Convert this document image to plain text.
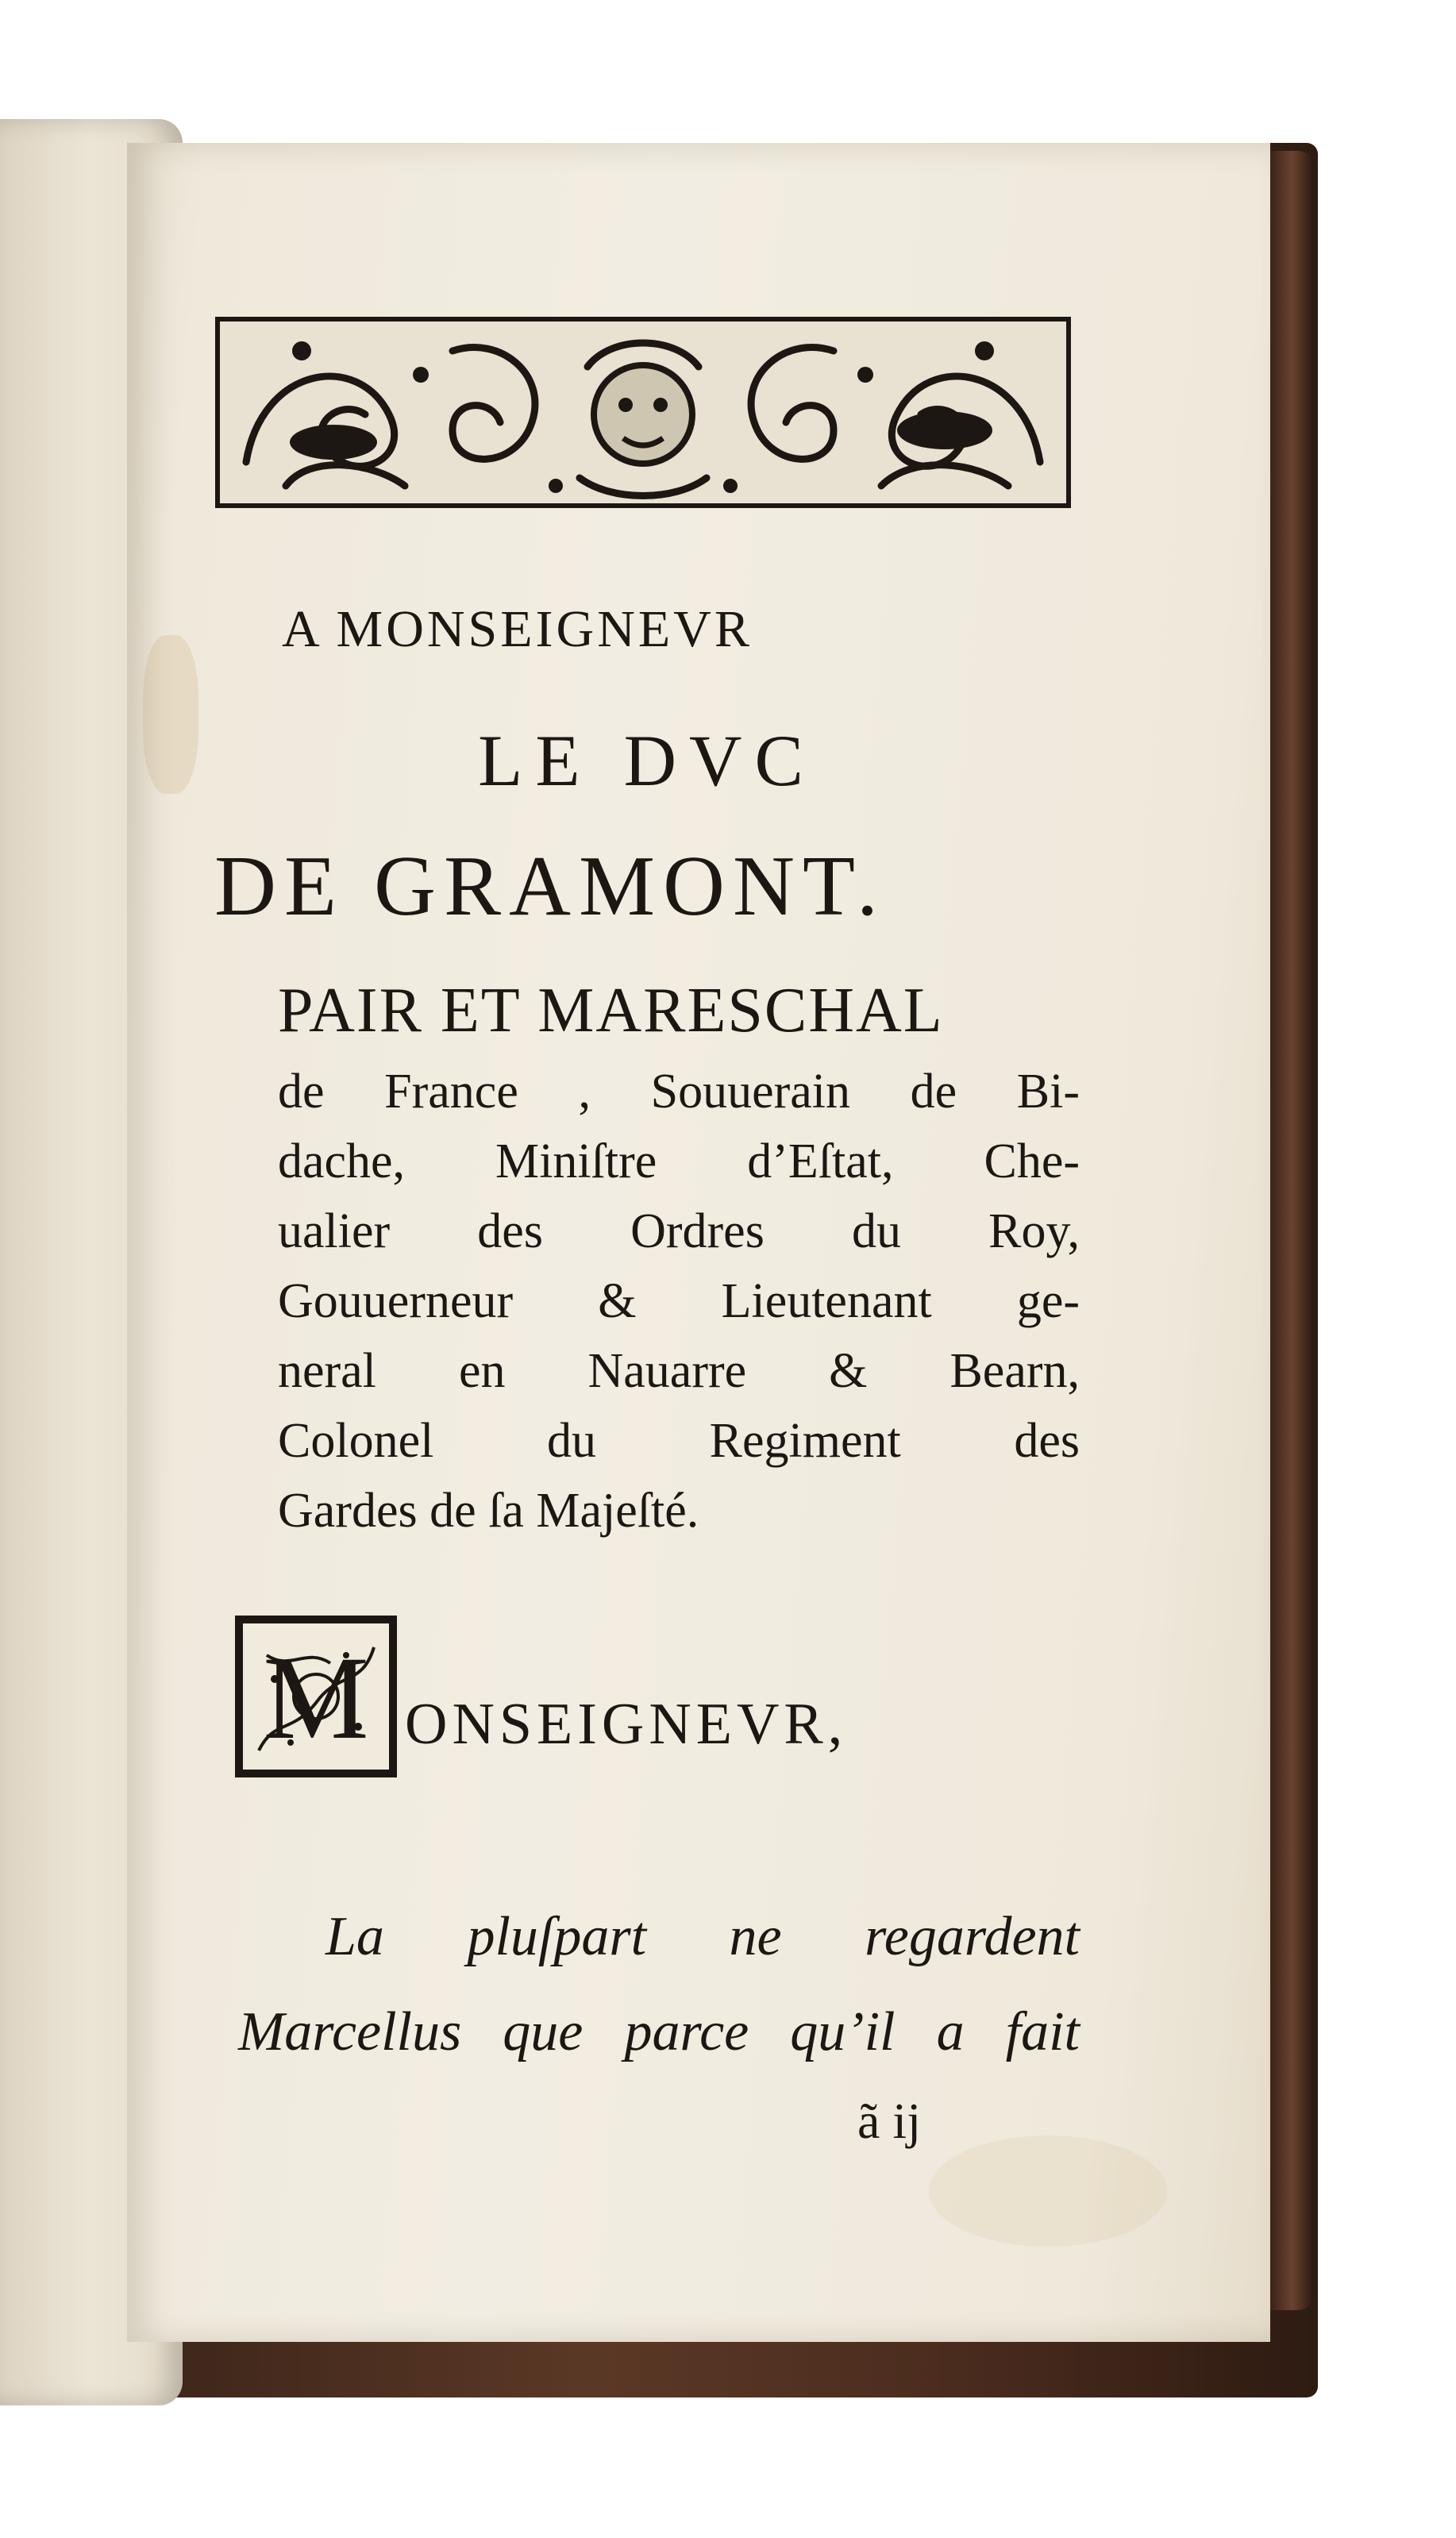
A MONSEIGNEVR
LE DVC
DE GRAMONT.
PAIR ET MARESCHAL
de France , Souuerain de Bi-
dache, Miniſtre d’Eſtat, Che-
ualier des Ordres du Roy,
Gouuerneur & Lieutenant ge-
neral en Nauarre & Bearn,
Colonel du Regiment des
Gardes de ſa Majeſté.
M ONSEIGNEVR,
La pluſpart ne regardent
Marcellus que parce qu’il a fait
ã ij
